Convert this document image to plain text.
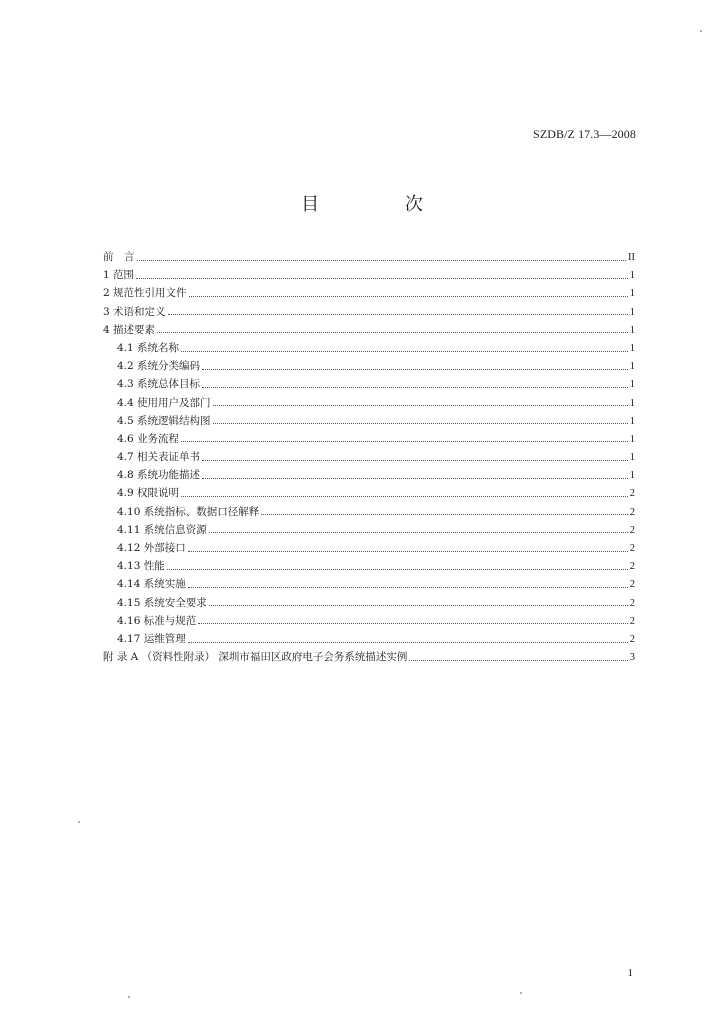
SZDB/Z 17.3—2008
目 次
前　言	II
1 范围	1
2 规范性引用文件	1
3 术语和定义	1
4 描述要素	1
4.1 系统名称	1
4.2 系统分类编码	1
4.3 系统总体目标	1
4.4 使用用户及部门	1
4.5 系统逻辑结构图	1
4.6 业务流程	1
4.7 相关表证单书	1
4.8 系统功能描述	1
4.9 权限说明	2
4.10 系统指标、数据口径解释	2
4.11 系统信息资源	2
4.12 外部接口	2
4.13 性能	2
4.14 系统实施	2
4.15 系统安全要求	2
4.16 标准与规范	2
4.17 运维管理	2
附 录 A （资料性附录） 深圳市福田区政府电子会务系统描述实例	3
1
